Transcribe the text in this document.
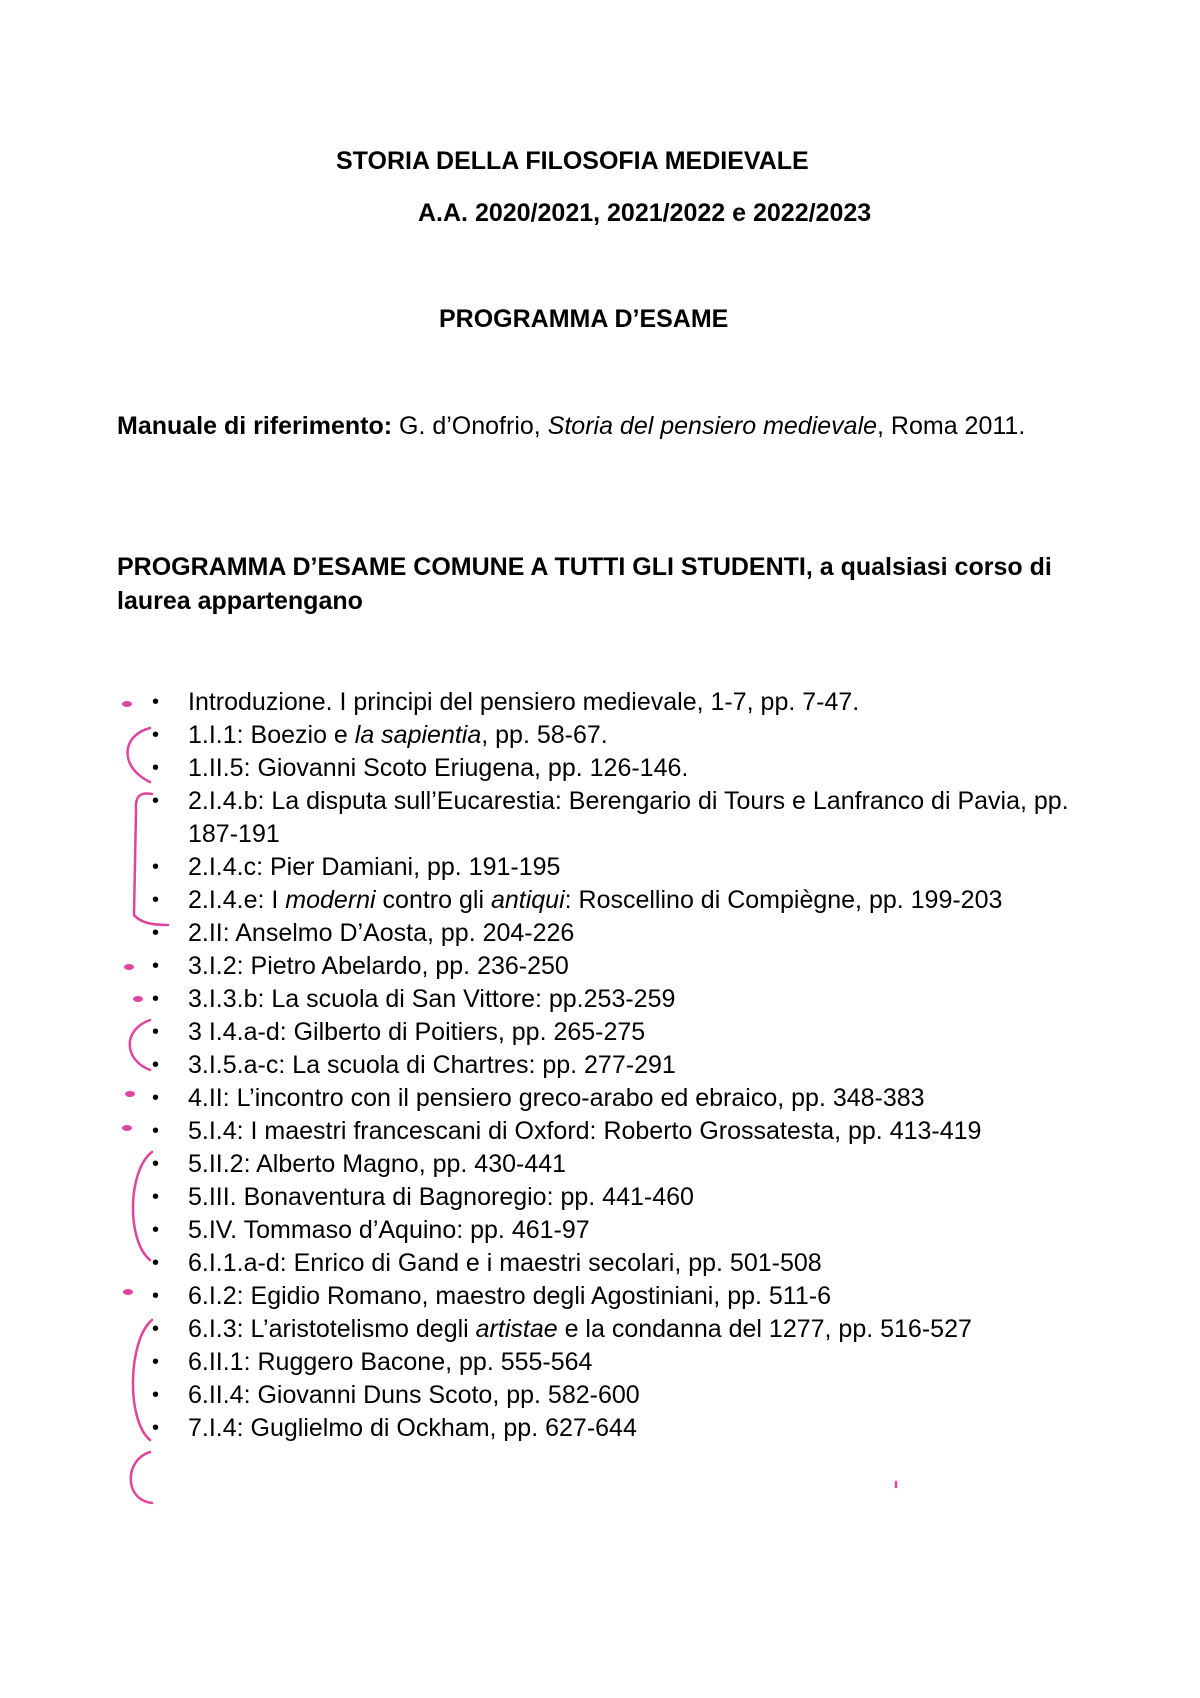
STORIA DELLA FILOSOFIA MEDIEVALE
A.A. 2020/2021, 2021/2022 e 2022/2023
PROGRAMMA D’ESAME
Manuale di riferimento: G. d’Onofrio, Storia del pensiero medievale, Roma 2011.
PROGRAMMA D’ESAME COMUNE A TUTTI GLI STUDENTI, a qualsiasi corso di laurea appartengano
• Introduzione. I principi del pensiero medievale, 1-7, pp. 7-47.
• 1.I.1: Boezio e la sapientia, pp. 58-67.
• 1.II.5: Giovanni Scoto Eriugena, pp. 126-146.
• 2.I.4.b: La disputa sull’Eucarestia: Berengario di Tours e Lanfranco di Pavia, pp. 187-191
• 2.I.4.c: Pier Damiani, pp. 191-195
• 2.I.4.e: I moderni contro gli antiqui: Roscellino di Compiègne, pp. 199-203
• 2.II: Anselmo D’Aosta, pp. 204-226
• 3.I.2: Pietro Abelardo, pp. 236-250
• 3.I.3.b: La scuola di San Vittore: pp.253-259
• 3 I.4.a-d: Gilberto di Poitiers, pp. 265-275
• 3.I.5.a-c: La scuola di Chartres: pp. 277-291
• 4.II: L’incontro con il pensiero greco-arabo ed ebraico, pp. 348-383
• 5.I.4: I maestri francescani di Oxford: Roberto Grossatesta, pp. 413-419
• 5.II.2: Alberto Magno, pp. 430-441
• 5.III. Bonaventura di Bagnoregio: pp. 441-460
• 5.IV. Tommaso d’Aquino: pp. 461-97
• 6.I.1.a-d: Enrico di Gand e i maestri secolari, pp. 501-508
• 6.I.2: Egidio Romano, maestro degli Agostiniani, pp. 511-6
• 6.I.3: L’aristotelismo degli artistae e la condanna del 1277, pp. 516-527
• 6.II.1: Ruggero Bacone, pp. 555-564
• 6.II.4: Giovanni Duns Scoto, pp. 582-600
• 7.I.4: Guglielmo di Ockham, pp. 627-644
